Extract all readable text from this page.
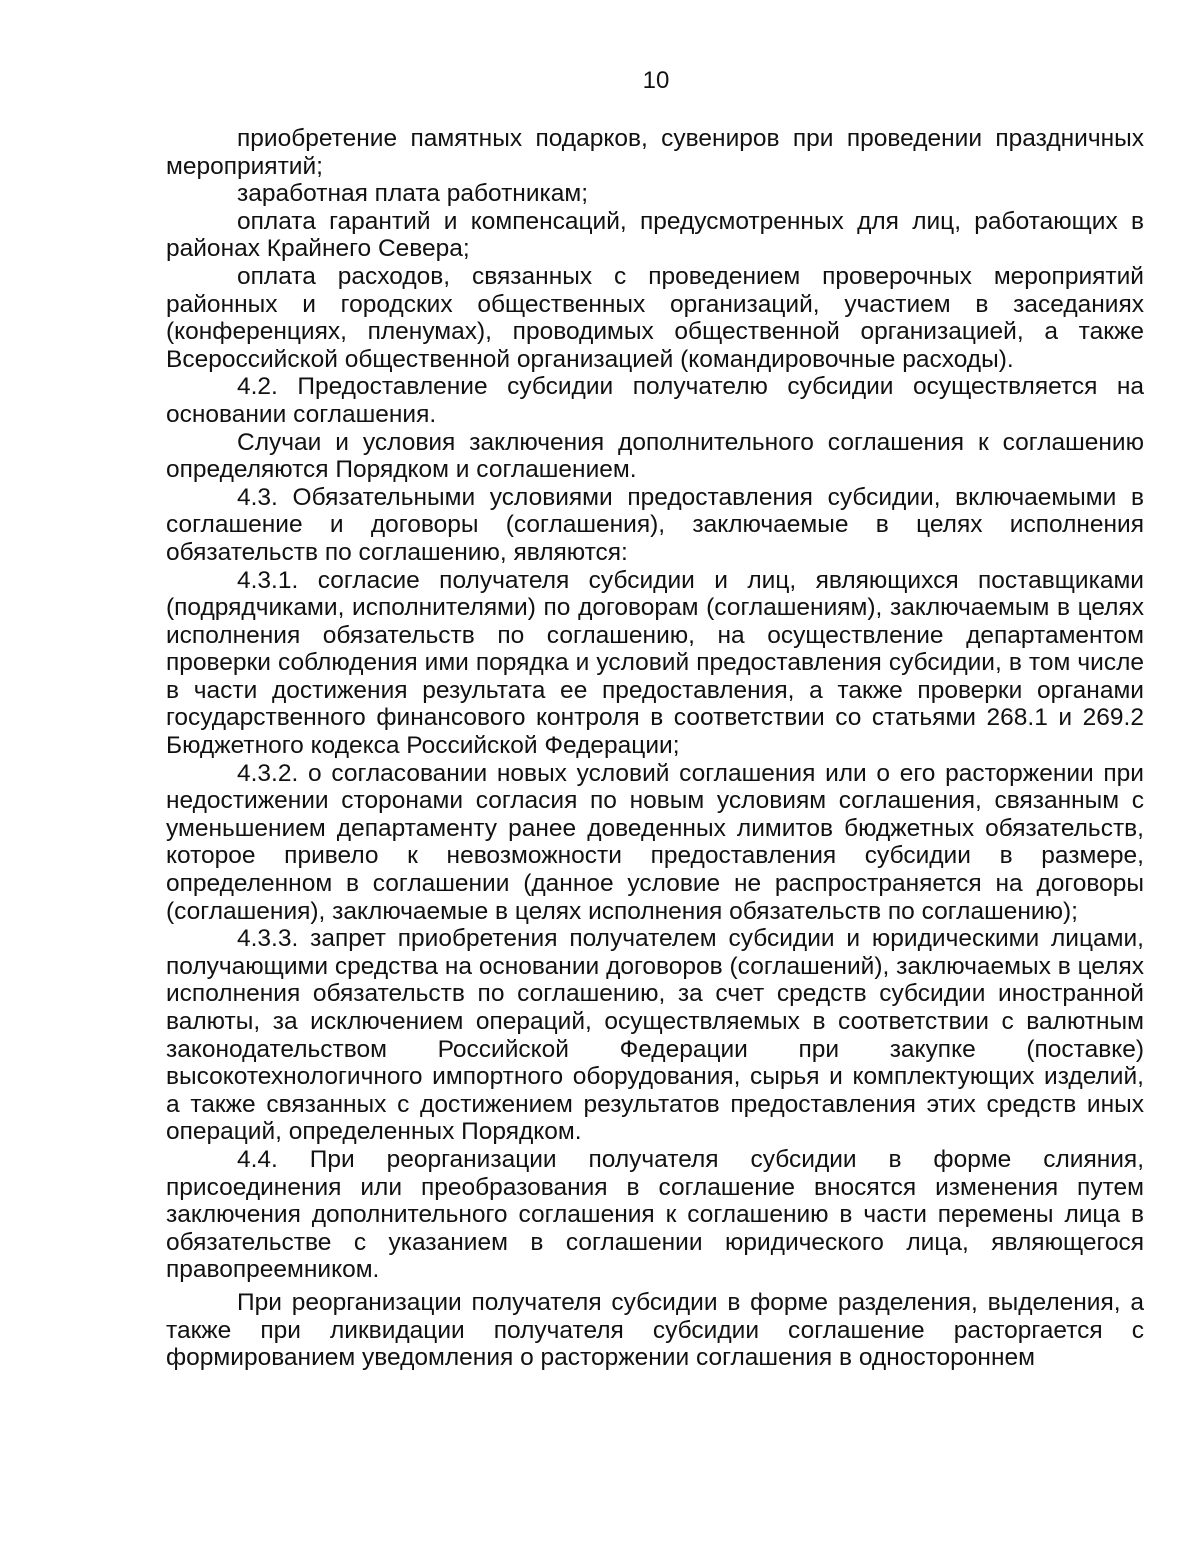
10

приобретение памятных подарков, сувениров при проведении праздничных мероприятий;

заработная плата работникам;

оплата гарантий и компенсаций, предусмотренных для лиц, работающих в районах Крайнего Севера;

оплата расходов, связанных с проведением проверочных мероприятий районных и городских общественных организаций, участием в заседаниях (конференциях, пленумах), проводимых общественной организацией, а также Всероссийской общественной организацией (командировочные расходы).

4.2. Предоставление субсидии получателю субсидии осуществляется на основании соглашения.

Случаи и условия заключения дополнительного соглашения к соглашению определяются Порядком и соглашением.

4.3. Обязательными условиями предоставления субсидии, включаемыми в соглашение и договоры (соглашения), заключаемые в целях исполнения обязательств по соглашению, являются:

4.3.1. согласие получателя субсидии и лиц, являющихся поставщиками (подрядчиками, исполнителями) по договорам (соглашениям), заключаемым в целях исполнения обязательств по соглашению, на осуществление департаментом проверки соблюдения ими порядка и условий предоставления субсидии, в том числе в части достижения результата ее предоставления, а также проверки органами государственного финансового контроля в соответствии со статьями 268.1 и 269.2 Бюджетного кодекса Российской Федерации;

4.3.2. о согласовании новых условий соглашения или о его расторжении при недостижении сторонами согласия по новым условиям соглашения, связанным с уменьшением департаменту ранее доведенных лимитов бюджетных обязательств, которое привело к невозможности предоставления субсидии в размере, определенном в соглашении (данное условие не распространяется на договоры (соглашения), заключаемые в целях исполнения обязательств по соглашению);

4.3.3. запрет приобретения получателем субсидии и юридическими лицами, получающими средства на основании договоров (соглашений), заключаемых в целях исполнения обязательств по соглашению, за счет средств субсидии иностранной валюты, за исключением операций, осуществляемых в соответствии с валютным законодательством Российской Федерации при закупке (поставке) высокотехнологичного импортного оборудования, сырья и комплектующих изделий, а также связанных с достижением результатов предоставления этих средств иных операций, определенных Порядком.

4.4. При реорганизации получателя субсидии в форме слияния, присоединения или преобразования в соглашение вносятся изменения путем заключения дополнительного соглашения к соглашению в части перемены лица в обязательстве с указанием в соглашении юридического лица, являющегося правопреемником.

При реорганизации получателя субсидии в форме разделения, выделения, а также при ликвидации получателя субсидии соглашение расторгается с формированием уведомления о расторжении соглашения в одностороннем
